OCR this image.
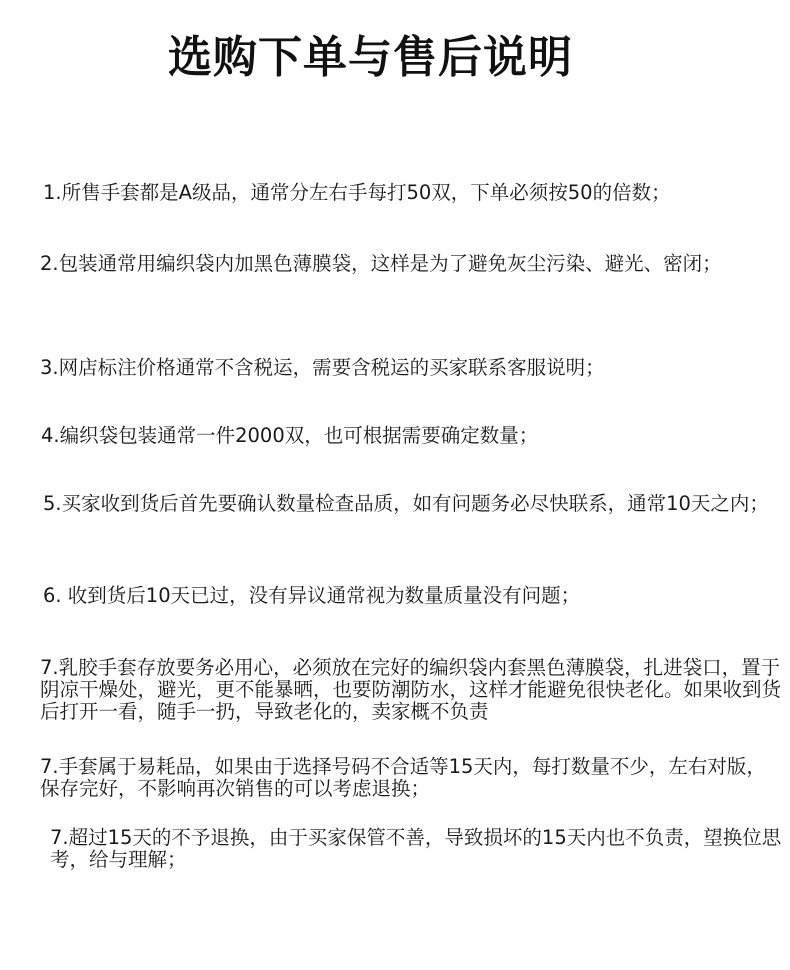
选购下单与售后说明
1.所售手套都是A级品，通常分左右手每打50双，下单必须按50的倍数；
2.包装通常用编织袋内加黑色薄膜袋，这样是为了避免灰尘污染、避光、密闭；
3.网店标注价格通常不含税运，需要含税运的买家联系客服说明；
4.编织袋包装通常一件2000双，也可根据需要确定数量；
5.买家收到货后首先要确认数量检查品质，如有问题务必尽快联系，通常10天之内；
6. 收到货后10天已过，没有异议通常视为数量质量没有问题；
7.乳胶手套存放要务必用心，必须放在完好的编织袋内套黑色薄膜袋，扎进袋口，置于阴凉干燥处，避光，更不能暴晒，也要防潮防水，这样才能避免很快老化。如果收到货后打开一看，随手一扔，导致老化的，卖家概不负责
7.手套属于易耗品，如果由于选择号码不合适等15天内，每打数量不少，左右对版，保存完好，不影响再次销售的可以考虑退换；
7.超过15天的不予退换，由于买家保管不善，导致损坏的15天内也不负责，望换位思考，给与理解；
